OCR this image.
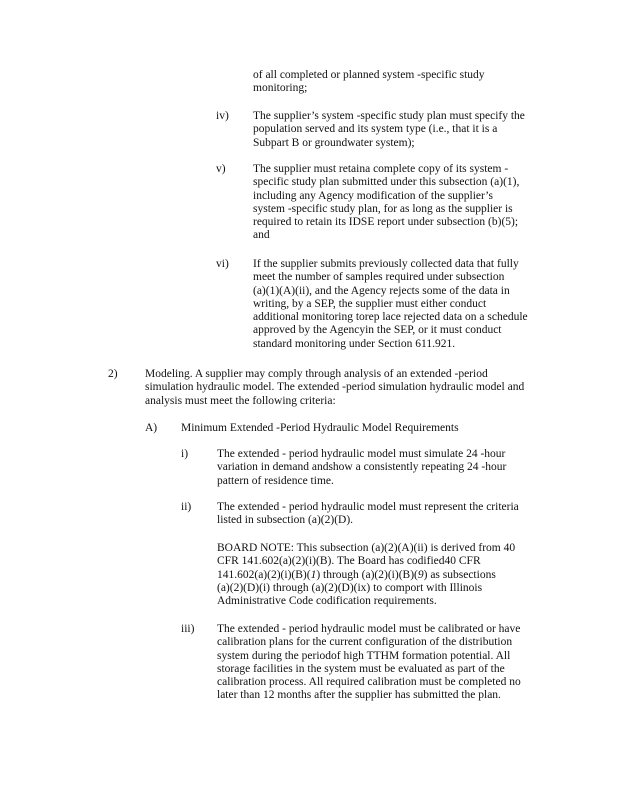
of all completed or planned system -specific study
monitoring;
iv) The supplier’s system -specific study plan must specify the
population served and its system type (i.e., that it is a
Subpart B or groundwater system);
v) The supplier must retaina complete copy of its system -
specific study plan submitted under this subsection (a)(1),
including any Agency modification of the supplier’s
system -specific study plan, for as long as the supplier is
required to retain its IDSE report under subsection (b)(5);
and
vi) If the supplier submits previously collected data that fully
meet the number of samples required under subsection
(a)(1)(A)(ii), and the Agency rejects some of the data in
writing, by a SEP, the supplier must either conduct
additional monitoring torep lace rejected data on a schedule
approved by the Agencyin the SEP, or it must conduct
standard monitoring under Section 611.921.
2) Modeling. A supplier may comply through analysis of an extended -period
simulation hydraulic model. The extended -period simulation hydraulic model and
analysis must meet the following criteria:
A) Minimum Extended -Period Hydraulic Model Requirements
i)	The extended - period hydraulic model must simulate 24 -hour
variation in demand andshow a consistently repeating 24 -hour
pattern of residence time.
ii) The extended - period hydraulic model must represent the criteria
listed in subsection (a)(2)(D).
BOARD NOTE: This subsection (a)(2)(A)(ii) is derived from 40
CFR 141.602(a)(2)(i)(B). The Board has codified40 CFR
141.602(a)(2)(i)(B)(1) through (a)(2)(i)(B)(9) as subsections
(a)(2)(D)(i) through (a)(2)(D)(ix) to comport with Illinois
Administrative Code codification requirements.
iii) The extended - period hydraulic model must be calibrated or have
calibration plans for the current configuration of the distribution
system during the periodof high TTHM formation potential. All
storage facilities in the system must be evaluated as part of the
calibration process. All required calibration must be completed no
later than 12 months after the supplier has submitted the plan.
